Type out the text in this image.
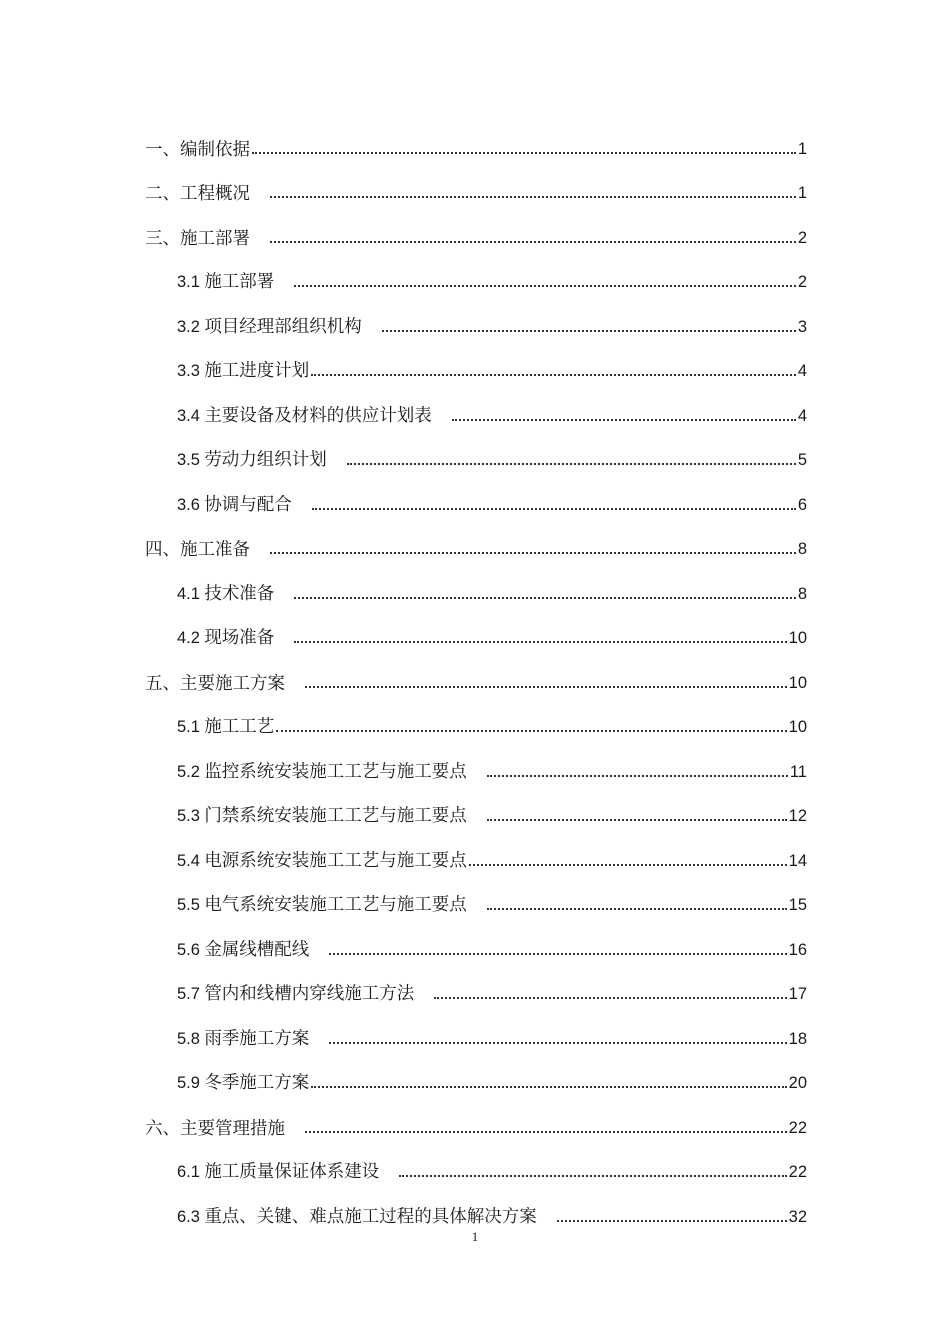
一、编制依据	1
二、工程概况	1
三、施工部署	2
3.1 施工部署	2
3.2 项目经理部组织机构	3
3.3 施工进度计划	4
3.4 主要设备及材料的供应计划表	4
3.5 劳动力组织计划	5
3.6 协调与配合	6
四、施工准备	8
4.1 技术准备	8
4.2 现场准备	10
五、主要施工方案	10
5.1 施工工艺	10
5.2 监控系统安装施工工艺与施工要点	11
5.3 门禁系统安装施工工艺与施工要点	12
5.4 电源系统安装施工工艺与施工要点	14
5.5 电气系统安装施工工艺与施工要点	15
5.6 金属线槽配线	16
5.7 管内和线槽内穿线施工方法	17
5.8 雨季施工方案	18
5.9 冬季施工方案	20
六、主要管理措施	22
6.1 施工质量保证体系建设	22
6.3 重点、关键、难点施工过程的具体解决方案	32
1
